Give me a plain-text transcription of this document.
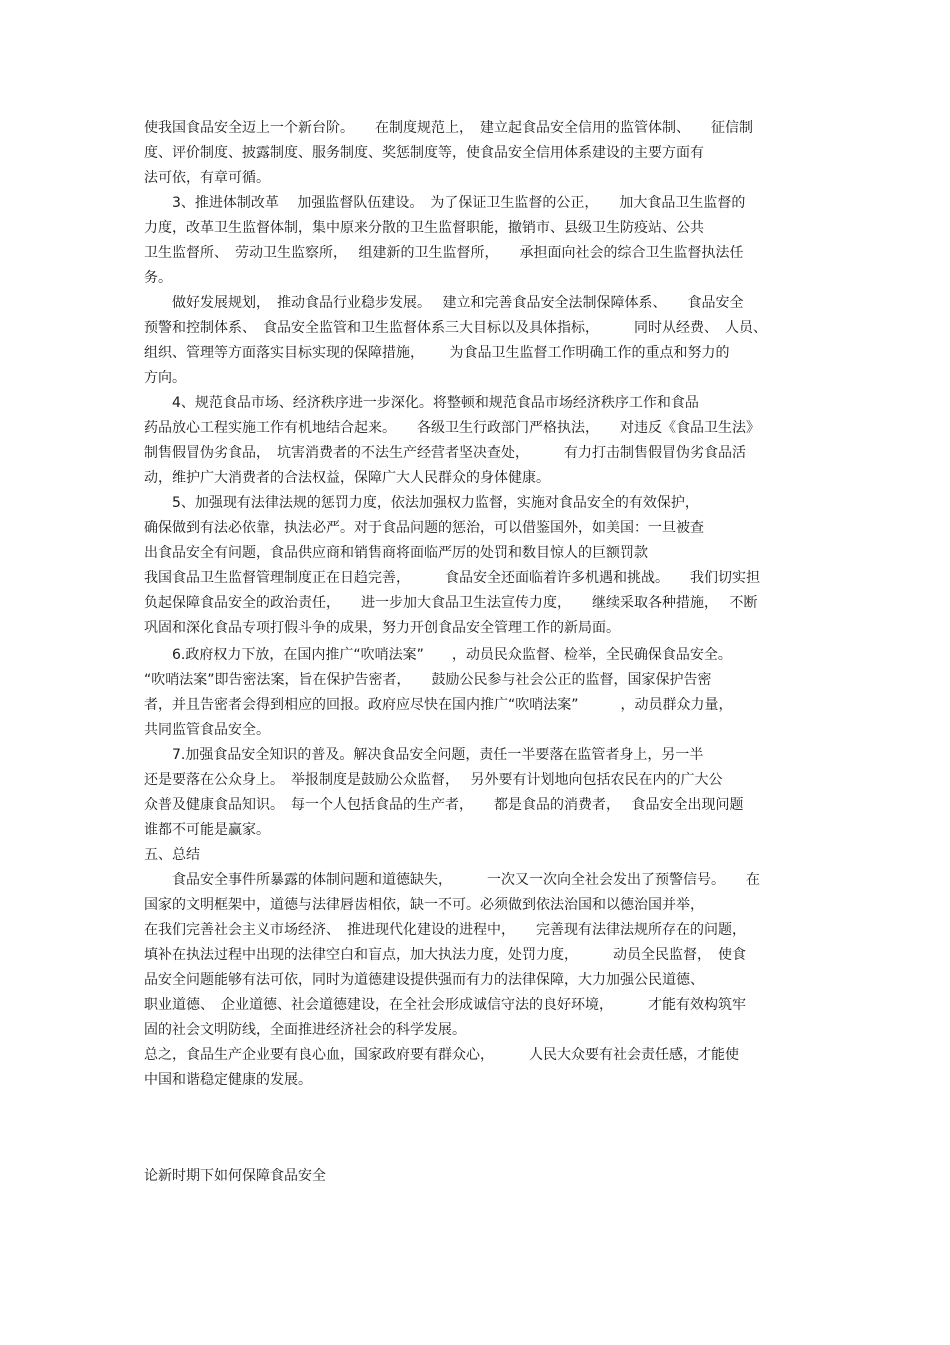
使我国食品安全迈上一个新台阶。　　在制度规范上，　建立起食品安全信用的监管体制、　　征信制

度、评价制度、披露制度、服务制度、奖惩制度等，使食品安全信用体系建设的主要方面有

法可依，有章可循。

　　3、推进体制改革　 加强监督队伍建设。　为了保证卫生监督的公正，　　加大食品卫生监督的

力度，改革卫生监督体制，集中原来分散的卫生监督职能，撤销市、县级卫生防疫站、公共

卫生监督所、　劳动卫生监察所，　 组建新的卫生监督所，　　承担面向社会的综合卫生监督执法任

务。

　　做好发展规划，　推动食品行业稳步发展。　 建立和完善食品安全法制保障体系、　　食品安全

预警和控制体系、　食品安全监管和卫生监督体系三大目标以及具体指标，　　　同时从经费、　人员、

组织、管理等方面落实目标实现的保障措施，　　 为食品卫生监督工作明确工作的重点和努力的

方向。

　　4、规范食品市场、经济秩序进一步深化。将整顿和规范食品市场经济秩序工作和食品

药品放心工程实施工作有机地结合起来。　　各级卫生行政部门严格执法，　　对违反《食品卫生法》

制售假冒伪劣食品，　坑害消费者的不法生产经营者坚决查处，　　　有力打击制售假冒伪劣食品活

动，维护广大消费者的合法权益，保障广大人民群众的身体健康。

　　5、加强现有法律法规的惩罚力度，依法加强权力监督，实施对食品安全的有效保护，

确保做到有法必依靠，执法必严。对于食品问题的惩治，可以借鉴国外，如美国：一旦被查

出食品安全有问题，食品供应商和销售商将面临严厉的处罚和数目惊人的巨额罚款

我国食品卫生监督管理制度正在日趋完善，　　　食品安全还面临着许多机遇和挑战。　　我们切实担

负起保障食品安全的政治责任，　　进一步加大食品卫生法宣传力度，　　继续采取各种措施，　 不断

巩固和深化食品专项打假斗争的成果，努力开创食品安全管理工作的新局面。

　　6.政府权力下放，在国内推广“吹哨法案”　　，动员民众监督、检举，全民确保食品安全。

“吹哨法案”即告密法案，旨在保护告密者，　　鼓励公民参与社会公正的监督，国家保护告密

者，并且告密者会得到相应的回报。政府应尽快在国内推广“吹哨法案”　　　，动员群众力量，

共同监管食品安全。

　　7.加强食品安全知识的普及。解决食品安全问题，责任一半要落在监管者身上，另一半

还是要落在公众身上。　举报制度是鼓励公众监督，　 另外要有计划地向包括农民在内的广大公

众普及健康食品知识。　每一个人包括食品的生产者，　　都是食品的消费者，　 食品安全出现问题

谁都不可能是赢家。

五、总结

　　食品安全事件所暴露的体制问题和道德缺失，　　　一次又一次向全社会发出了预警信号。　　在

国家的文明框架中，道德与法律唇齿相依，缺一不可。必须做到依法治国和以德治国并举，

在我们完善社会主义市场经济、　推进现代化建设的进程中，　　完善现有法律法规所存在的问题，

填补在执法过程中出现的法律空白和盲点，加大执法力度，处罚力度，　　　动员全民监督，　使食

品安全问题能够有法可依，同时为道德建设提供强而有力的法律保障，大力加强公民道德、

职业道德、　企业道德、社会道德建设，在全社会形成诚信守法的良好环境，　　　才能有效构筑牢

固的社会文明防线，全面推进经济社会的科学发展。

总之，食品生产企业要有良心血，国家政府要有群众心，　　　人民大众要有社会责任感，才能使

中国和谐稳定健康的发展。

论新时期下如何保障食品安全
